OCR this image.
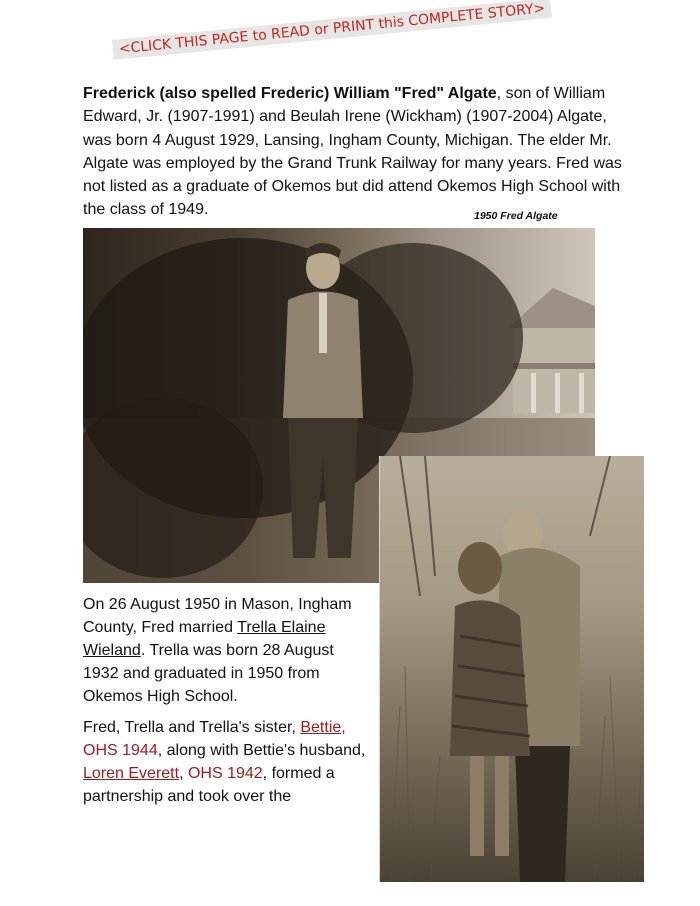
<CLICK THIS PAGE to READ or PRINT this COMPLETE STORY>

Frederick (also spelled Frederic) William "Fred" Algate, son of William Edward, Jr. (1907-1991) and Beulah Irene (Wickham) (1907-2004) Algate, was born 4 August 1929, Lansing, Ingham County, Michigan. The elder Mr. Algate was employed by the Grand Trunk Railway for many years. Fred was not listed as a graduate of Okemos but did attend Okemos High School with the class of 1949.	1950 Fred Algate

On 26 August 1950 in Mason, Ingham County, Fred married Trella Elaine Wieland. Trella was born 28 August 1932 and graduated in 1950 from Okemos High School.

Fred, Trella and Trella's sister, Bettie, OHS 1944, along with Bettie's husband, Loren Everett, OHS 1942, formed a partnership and took over the
